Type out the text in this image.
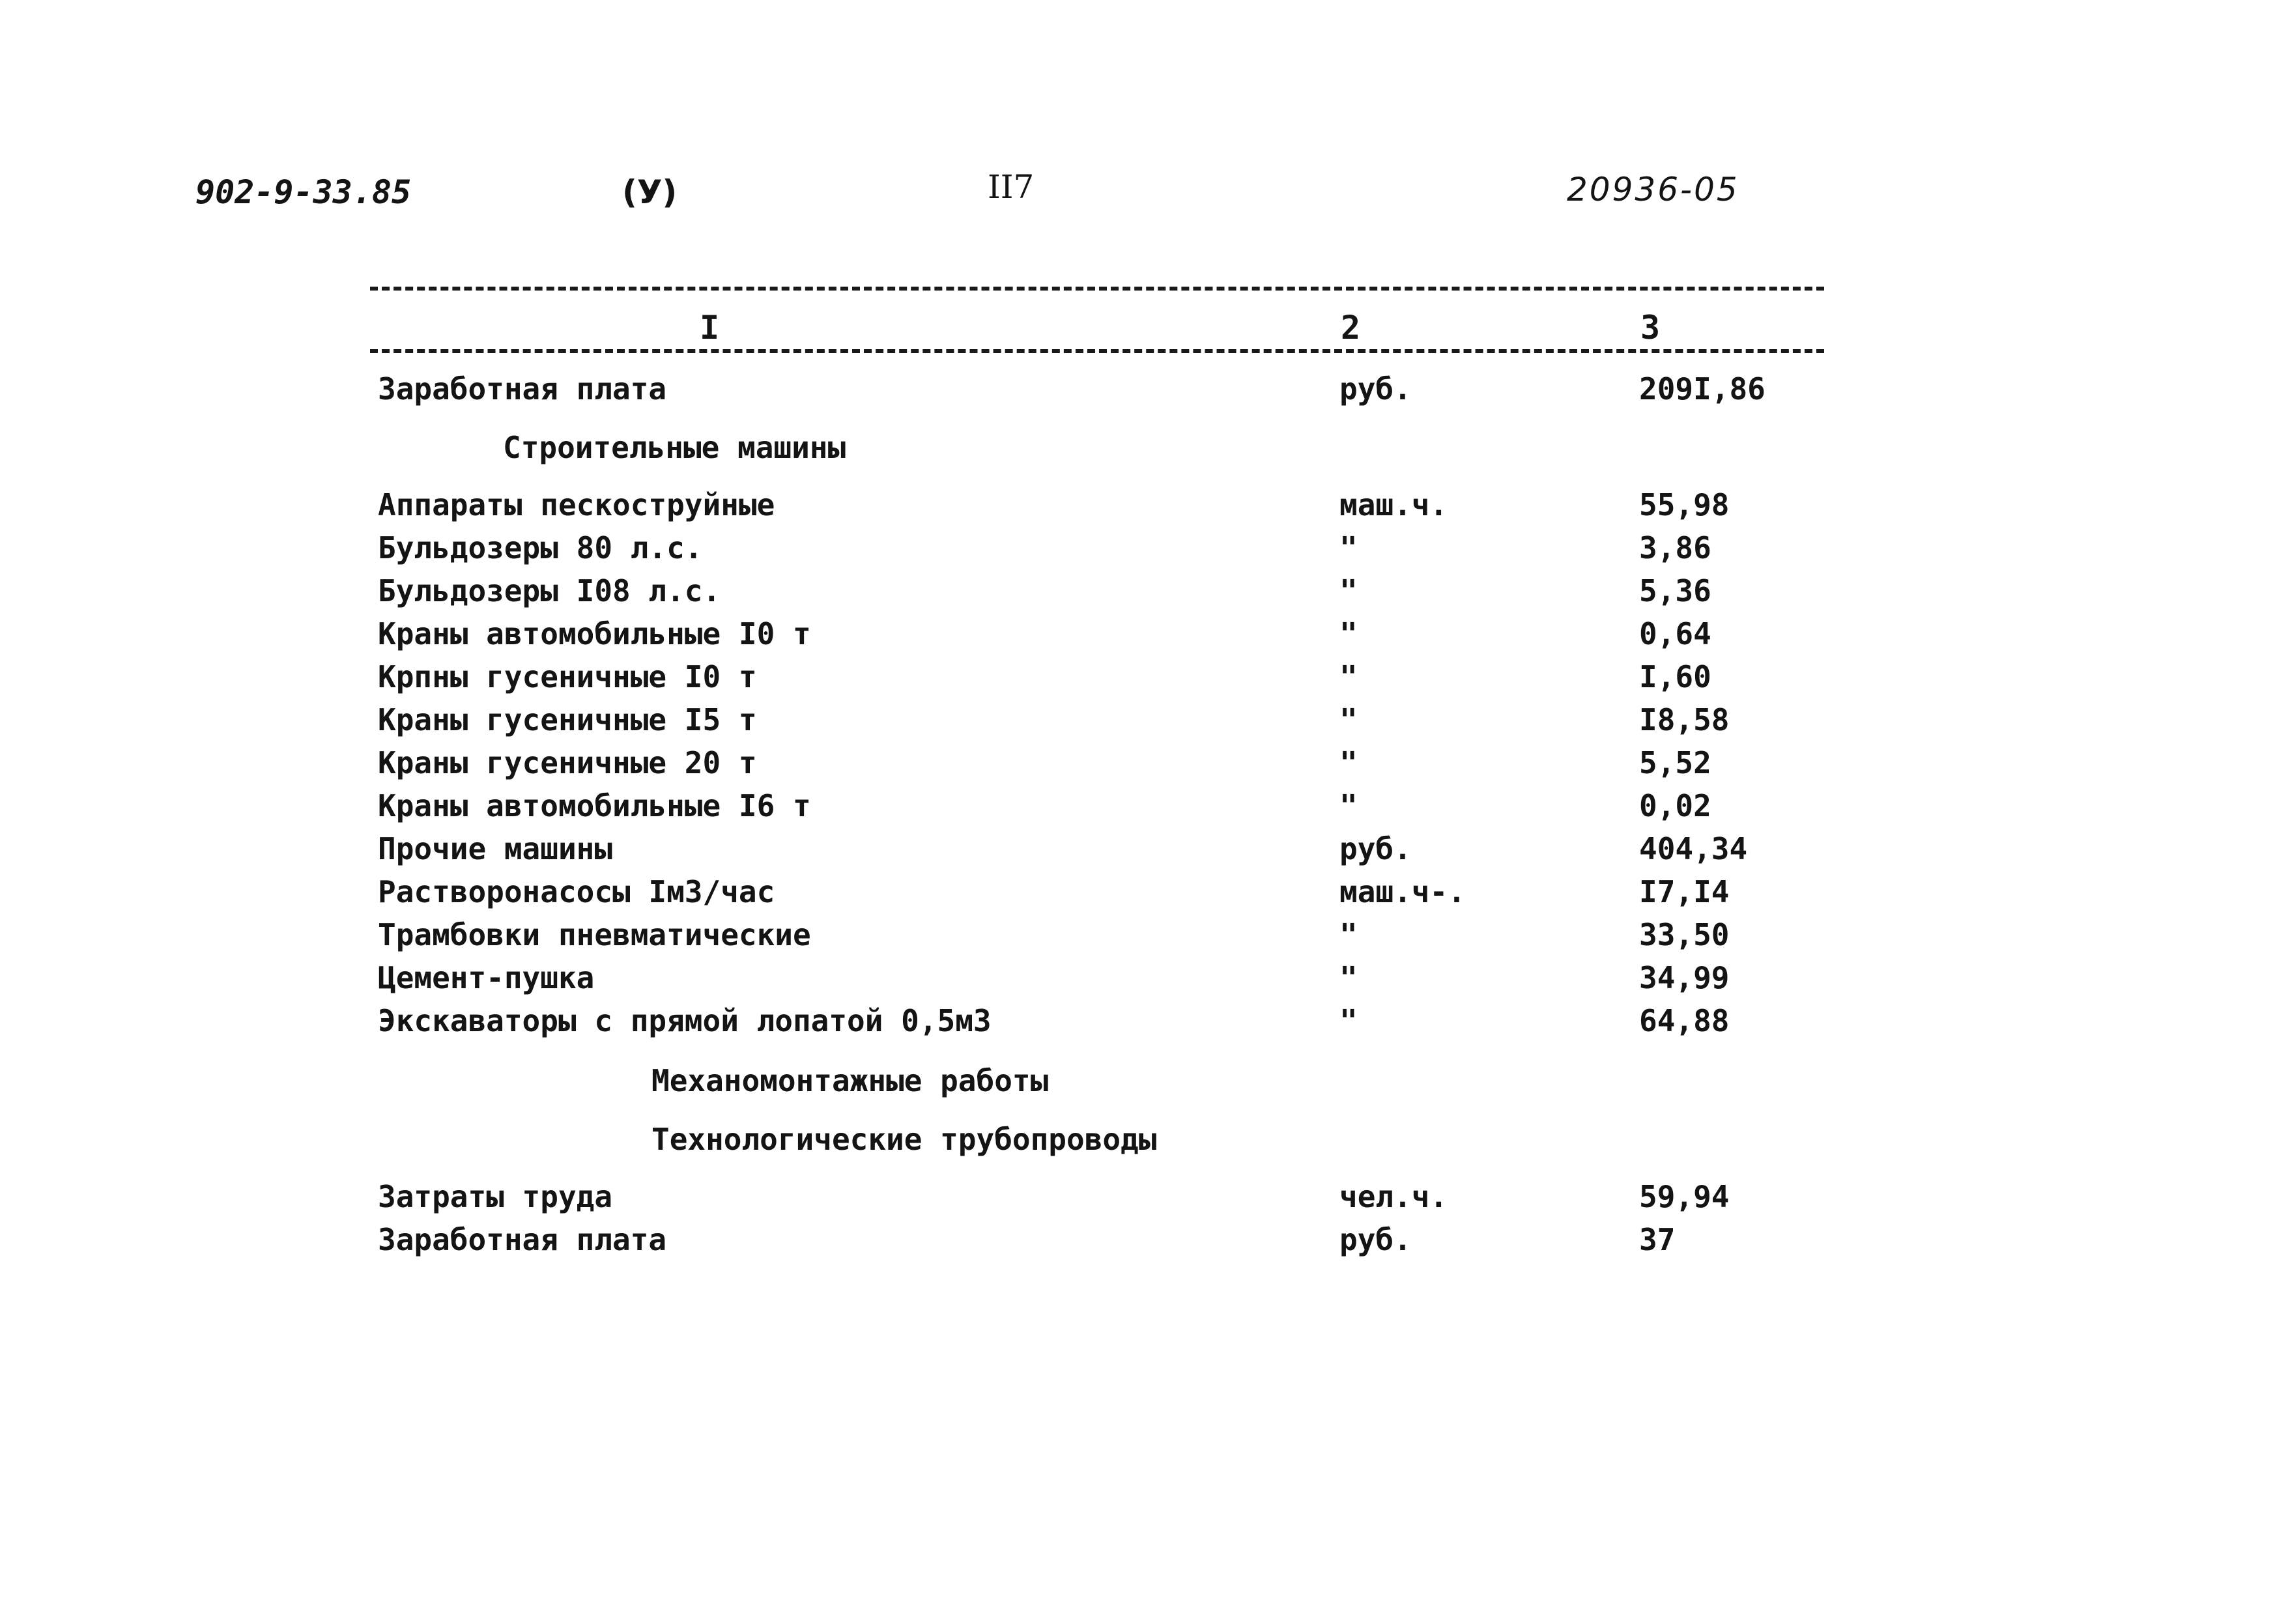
902-9-33.85	(У)	II7	20936-05
I	2	3
Заработная плата	руб.	209I,86
Строительные машины
Аппараты пескоструйные	маш.ч.	55,98
Бульдозеры 80 л.с.	"	3,86
Бульдозеры I08 л.с.	"	5,36
Краны автомобильные I0 т	"	0,64
Крпны гусеничные I0 т	"	I,60
Краны гусеничные I5 т	"	I8,58
Краны гусеничные 20 т	"	5,52
Краны автомобильные I6 т	"	0,02
Прочие машины	руб.	404,34
Растворонасосы Iм3/час	маш.ч-.	I7,I4
Трамбовки пневматические	"	33,50
Цемент-пушка	"	34,99
Экскаваторы с прямой лопатой 0,5м3	"	64,88
Механомонтажные работы
Технологические трубопроводы
Затраты труда	чел.ч.	59,94
Заработная плата	руб.	37
